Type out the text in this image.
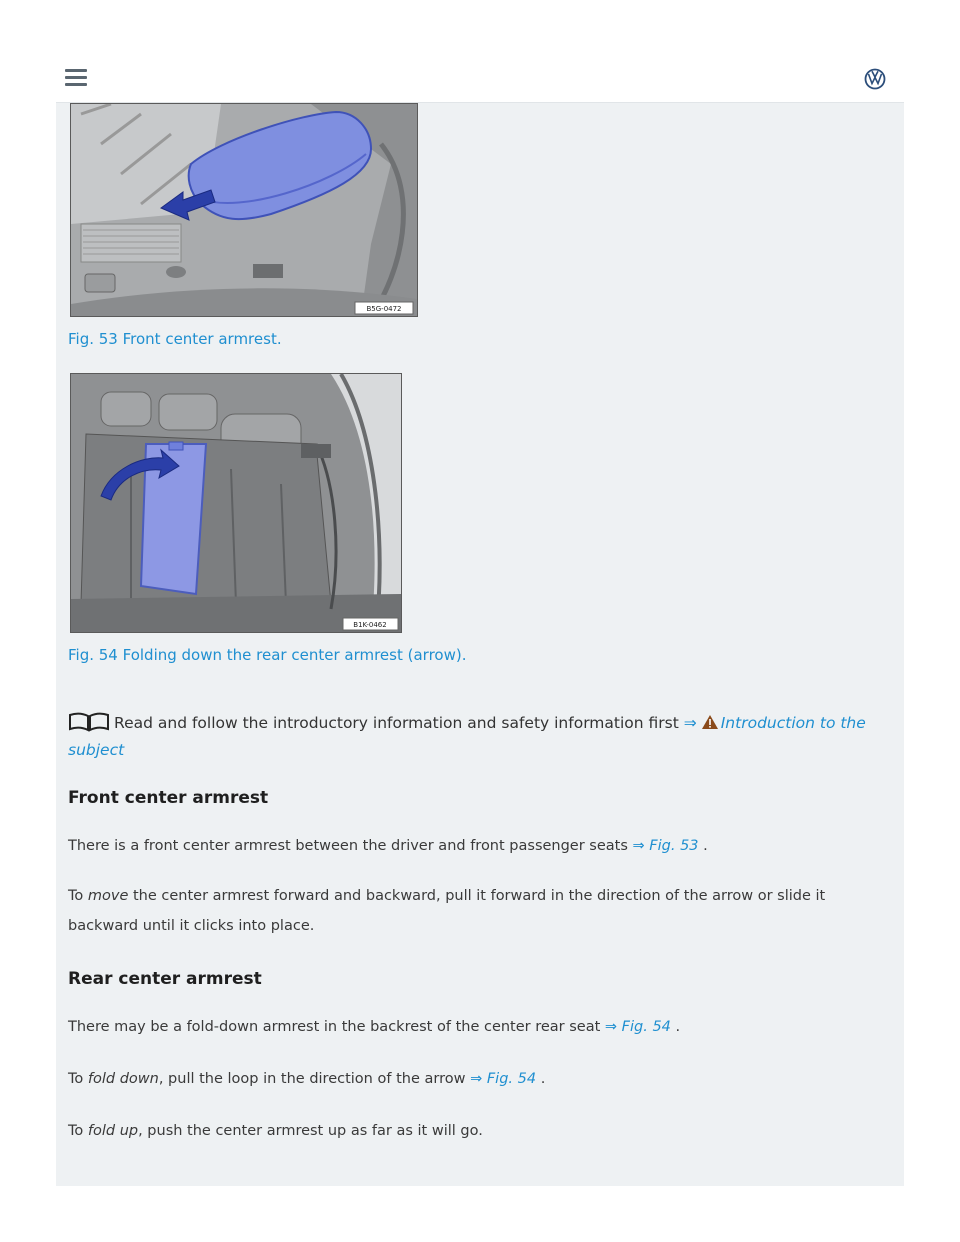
B5G-0472
Fig. 53 Front center armrest.
B1K-0462
Fig. 54 Folding down the rear center armrest (arrow).
Read and follow the introductory information and safety information first ⇒ Introduction to the subject
Front center armrest

There is a front center armrest between the driver and front passenger seats ⇒ Fig. 53 .

To move the center armrest forward and backward, pull it forward in the direction of the arrow or slide it backward until it clicks into place.

Rear center armrest

There may be a fold-down armrest in the backrest of the center rear seat ⇒ Fig. 54 .

To fold down, pull the loop in the direction of the arrow ⇒ Fig. 54 .

To fold up, push the center armrest up as far as it will go.
